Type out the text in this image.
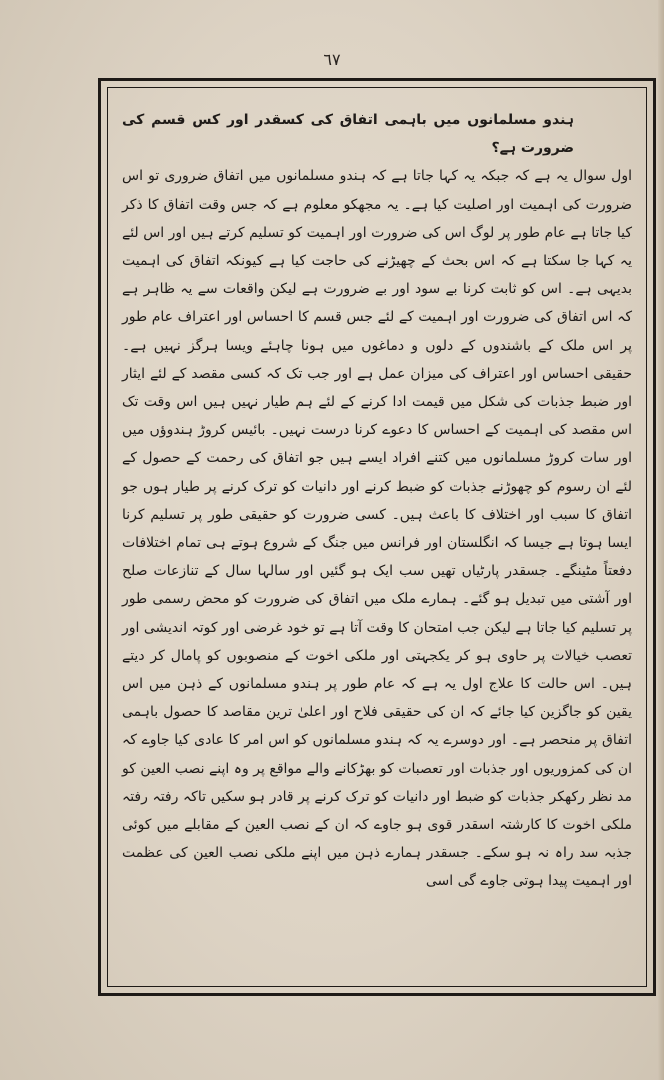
٦٧

ہندو مسلمانوں میں باہمی اتفاق کی کسقدر اور کس قسم کی ضرورت ہے؟

اول سوال یہ ہے کہ جبکہ یہ کہا جاتا ہے کہ ہندو مسلمانوں میں اتفاق ضروری تو اس ضرورت کی اہمیت اور اصلیت کیا ہے۔ یہ مجھکو معلوم ہے کہ جس وقت اتفاق کا ذکر کیا جاتا ہے عام طور پر لوگ اس کی ضرورت اور اہمیت کو تسلیم کرتے ہیں اور اس لئے یہ کہا جا سکتا ہے کہ اس بحث کے چھیڑنے کی حاجت کیا ہے کیونکہ اتفاق کی اہمیت بدیہی ہے۔ اس کو ثابت کرنا بے سود اور بے ضرورت ہے لیکن واقعات سے یہ ظاہر ہے کہ اس اتفاق کی ضرورت اور اہمیت کے لئے جس قسم کا احساس اور اعتراف عام طور پر اس ملک کے باشندوں کے دلوں و دماغوں میں ہونا چاہئے ویسا ہرگز نہیں ہے۔ حقیقی احساس اور اعتراف کی میزان عمل ہے اور جب تک کہ کسی مقصد کے لئے ایثار اور ضبط جذبات کی شکل میں قیمت ادا کرنے کے لئے ہم طیار نہیں ہیں اس وقت تک اس مقصد کی اہمیت کے احساس کا دعوے کرنا درست نہیں۔ بائیس کروڑ ہندوؤں میں اور سات کروڑ مسلمانوں میں کتنے افراد ایسے ہیں جو اتفاق کی رحمت کے حصول کے لئے ان رسوم کو چھوڑنے جذبات کو ضبط کرنے اور دانیات کو ترک کرنے پر طیار ہوں جو اتفاق کا سبب اور اختلاف کا باعث ہیں۔ کسی ضرورت کو حقیقی طور پر تسلیم کرنا ایسا ہوتا ہے جیسا کہ انگلستان اور فرانس میں جنگ کے شروع ہوتے ہی تمام اختلافات دفعتاً مٹینگے۔ جسقدر پارٹیاں تھیں سب ایک ہو گئیں اور سالہا سال کے تنازعات صلح اور آشتی میں تبدیل ہو گئے۔ ہمارے ملک میں اتفاق کی ضرورت کو محض رسمی طور پر تسلیم کیا جاتا ہے لیکن جب امتحان کا وقت آتا ہے تو خود غرضی اور کوتہ اندیشی اور تعصب خیالات پر حاوی ہو کر یکجہتی اور ملکی اخوت کے منصوبوں کو پامال کر دیتے ہیں۔ اس حالت کا علاج اول یہ ہے کہ عام طور پر ہندو مسلمانوں کے ذہن میں اس یقین کو جاگزین کیا جائے کہ ان کی حقیقی فلاح اور اعلیٰ ترین مقاصد کا حصول باہمی اتفاق پر منحصر ہے۔ اور دوسرے یہ کہ ہندو مسلمانوں کو اس امر کا عادی کیا جاوے کہ ان کی کمزوریوں اور جذبات اور تعصبات کو بھڑکانے والے مواقع پر وہ اپنے نصب العین کو مد نظر رکھکر جذبات کو ضبط اور دانیات کو ترک کرنے پر قادر ہو سکیں تاکہ رفتہ رفتہ ملکی اخوت کا کارشتہ اسقدر قوی ہو جاوے کہ ان کے نصب العین کے مقابلے میں کوئی جذبہ سد راہ نہ ہو سکے۔ جسقدر ہمارے ذہن میں اپنے ملکی نصب العین کی عظمت اور اہمیت پیدا ہوتی جاوے گی اسی
